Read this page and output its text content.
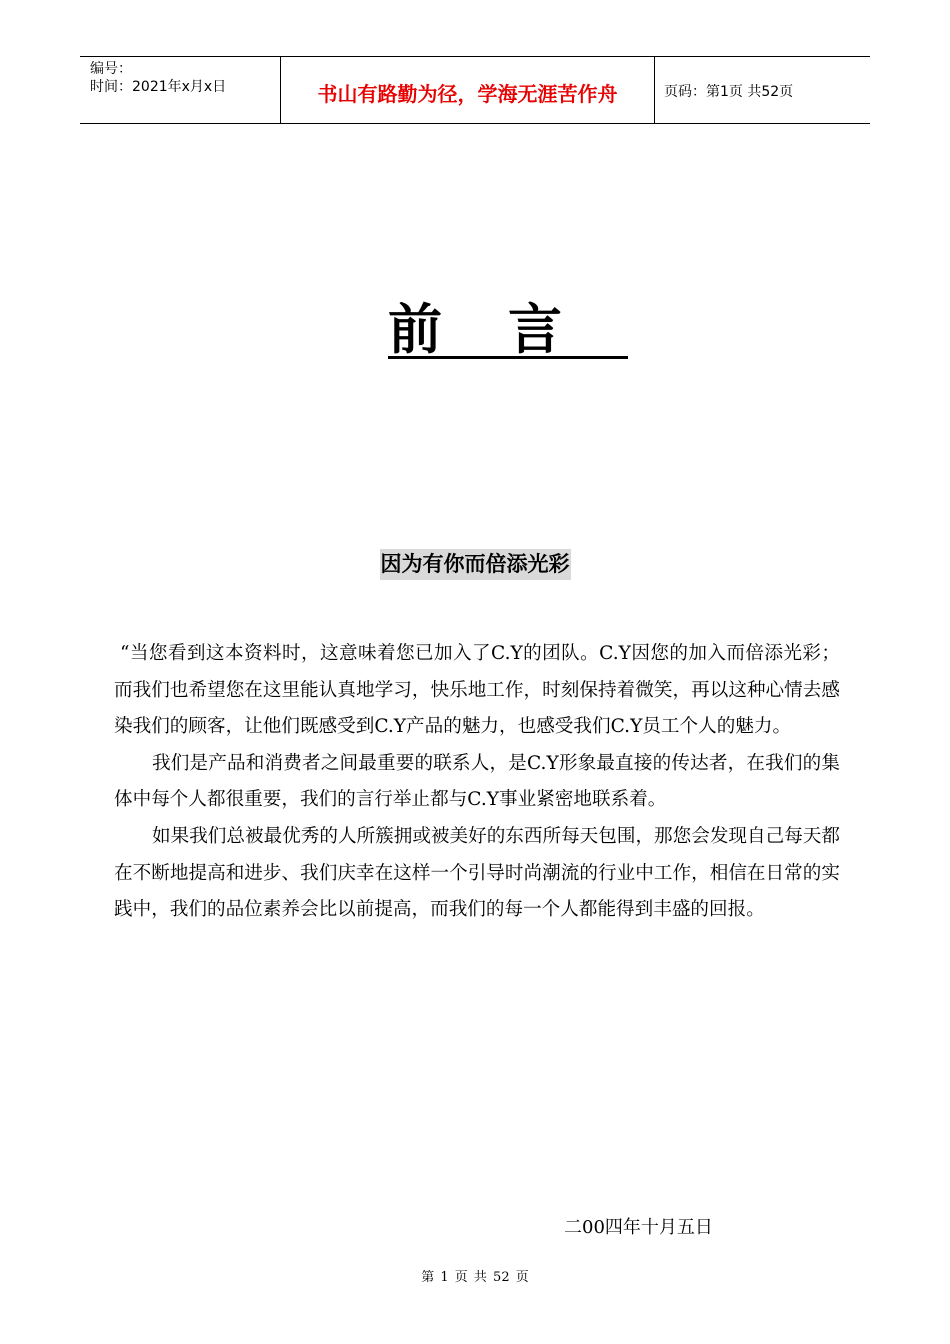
编号：
时间：2021年x月x日	书山有路勤为径，学海无涯苦作舟	页码：第1页 共52页
前言
因为有你而倍添光彩

“当您看到这本资料时，这意味着您已加入了C.Y的团队。C.Y因您的加入而倍添光彩；而我们也希望您在这里能认真地学习，快乐地工作，时刻保持着微笑，再以这种心情去感染我们的顾客，让他们既感受到C.Y产品的魅力，也感受我们C.Y员工个人的魅力。

我们是产品和消费者之间最重要的联系人，是C.Y形象最直接的传达者，在我们的集体中每个人都很重要，我们的言行举止都与C.Y事业紧密地联系着。

如果我们总被最优秀的人所簇拥或被美好的东西所每天包围，那您会发现自己每天都在不断地提高和进步、我们庆幸在这样一个引导时尚潮流的行业中工作，相信在日常的实践中，我们的品位素养会比以前提高，而我们的每一个人都能得到丰盛的回报。

二00四年十月五日
第 1 页 共 52 页
